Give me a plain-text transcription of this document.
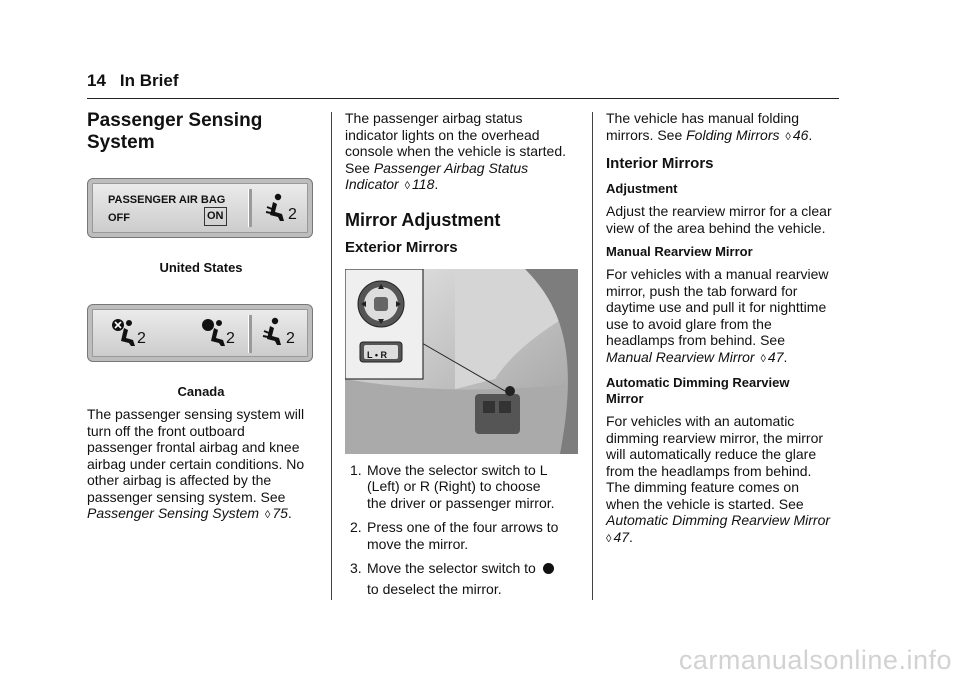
14 In Brief
Passenger Sensing
System
PASSENGER AIR BAG
OFF	ON	2
United States
2	2	2
Canada

The passenger sensing system will
turn off the front outboard
passenger frontal airbag and knee
airbag under certain conditions. No
other airbag is affected by the
passenger sensing system. See
Passenger Sensing System ◊ 75.

The passenger airbag status
indicator lights on the overhead
console when the vehicle is started.
See Passenger Airbag Status
Indicator ◊ 118.

Mirror Adjustment
Exterior Mirrors
L • R
1. Move the selector switch to L
(Left) or R (Right) to choose
the driver or passenger mirror.
2. Press one of the four arrows to
move the mirror.
3. Move the selector switch to
to deselect the mirror.

The vehicle has manual folding
mirrors. See Folding Mirrors ◊ 46.

Interior Mirrors
Adjustment

Adjust the rearview mirror for a clear
view of the area behind the vehicle.

Manual Rearview Mirror

For vehicles with a manual rearview
mirror, push the tab forward for
daytime use and pull it for nighttime
use to avoid glare from the
headlamps from behind. See
Manual Rearview Mirror ◊ 47.

Automatic Dimming Rearview
Mirror

For vehicles with an automatic
dimming rearview mirror, the mirror
will automatically reduce the glare
from the headlamps from behind.
The dimming feature comes on
when the vehicle is started. See
Automatic Dimming Rearview Mirror
◊ 47.

carmanualsonline.info
